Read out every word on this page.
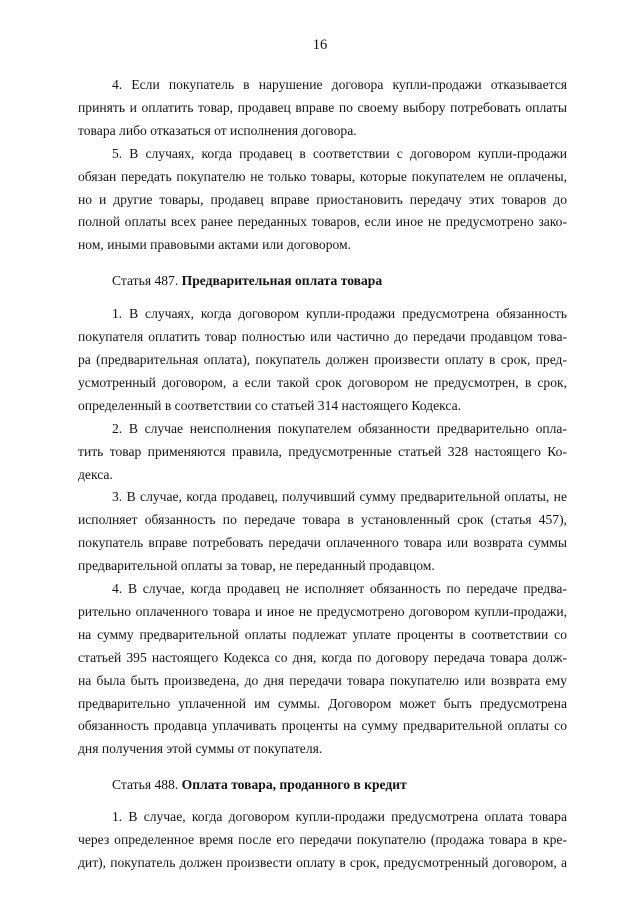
16
4. Если покупатель в нарушение договора купли-продажи отказывается
принять и оплатить товар, продавец вправе по своему выбору потребовать оплаты
товара либо отказаться от исполнения договора.
5. В случаях, когда продавец в соответствии с договором купли-продажи
обязан передать покупателю не только товары, которые покупателем не оплачены,
но и другие товары, продавец вправе приостановить передачу этих товаров до
полной оплаты всех ранее переданных товаров, если иное не предусмотрено зако-
ном, иными правовыми актами или договором.
Статья 487. Предварительная оплата товара
1. В случаях, когда договором купли-продажи предусмотрена обязанность
покупателя оплатить товар полностью или частично до передачи продавцом това-
ра (предварительная оплата), покупатель должен произвести оплату в срок, пред-
усмотренный договором, а если такой срок договором не предусмотрен, в срок,
определенный в соответствии со статьей 314 настоящего Кодекса.
2. В случае неисполнения покупателем обязанности предварительно опла-
тить товар применяются правила, предусмотренные статьей 328 настоящего Ко-
декса.
3. В случае, когда продавец, получивший сумму предварительной оплаты, не
исполняет обязанность по передаче товара в установленный срок (статья 457),
покупатель вправе потребовать передачи оплаченного товара или возврата суммы
предварительной оплаты за товар, не переданный продавцом.
4. В случае, когда продавец не исполняет обязанность по передаче предва-
рительно оплаченного товара и иное не предусмотрено договором купли-продажи,
на сумму предварительной оплаты подлежат уплате проценты в соответствии со
статьей 395 настоящего Кодекса со дня, когда по договору передача товара долж-
на была быть произведена, до дня передачи товара покупателю или возврата ему
предварительно уплаченной им суммы. Договором может быть предусмотрена
обязанность продавца уплачивать проценты на сумму предварительной оплаты со
дня получения этой суммы от покупателя.
Статья 488. Оплата товара, проданного в кредит
1. В случае, когда договором купли-продажи предусмотрена оплата товара
через определенное время после его передачи покупателю (продажа товара в кре-
дит), покупатель должен произвести оплату в срок, предусмотренный договором, а
